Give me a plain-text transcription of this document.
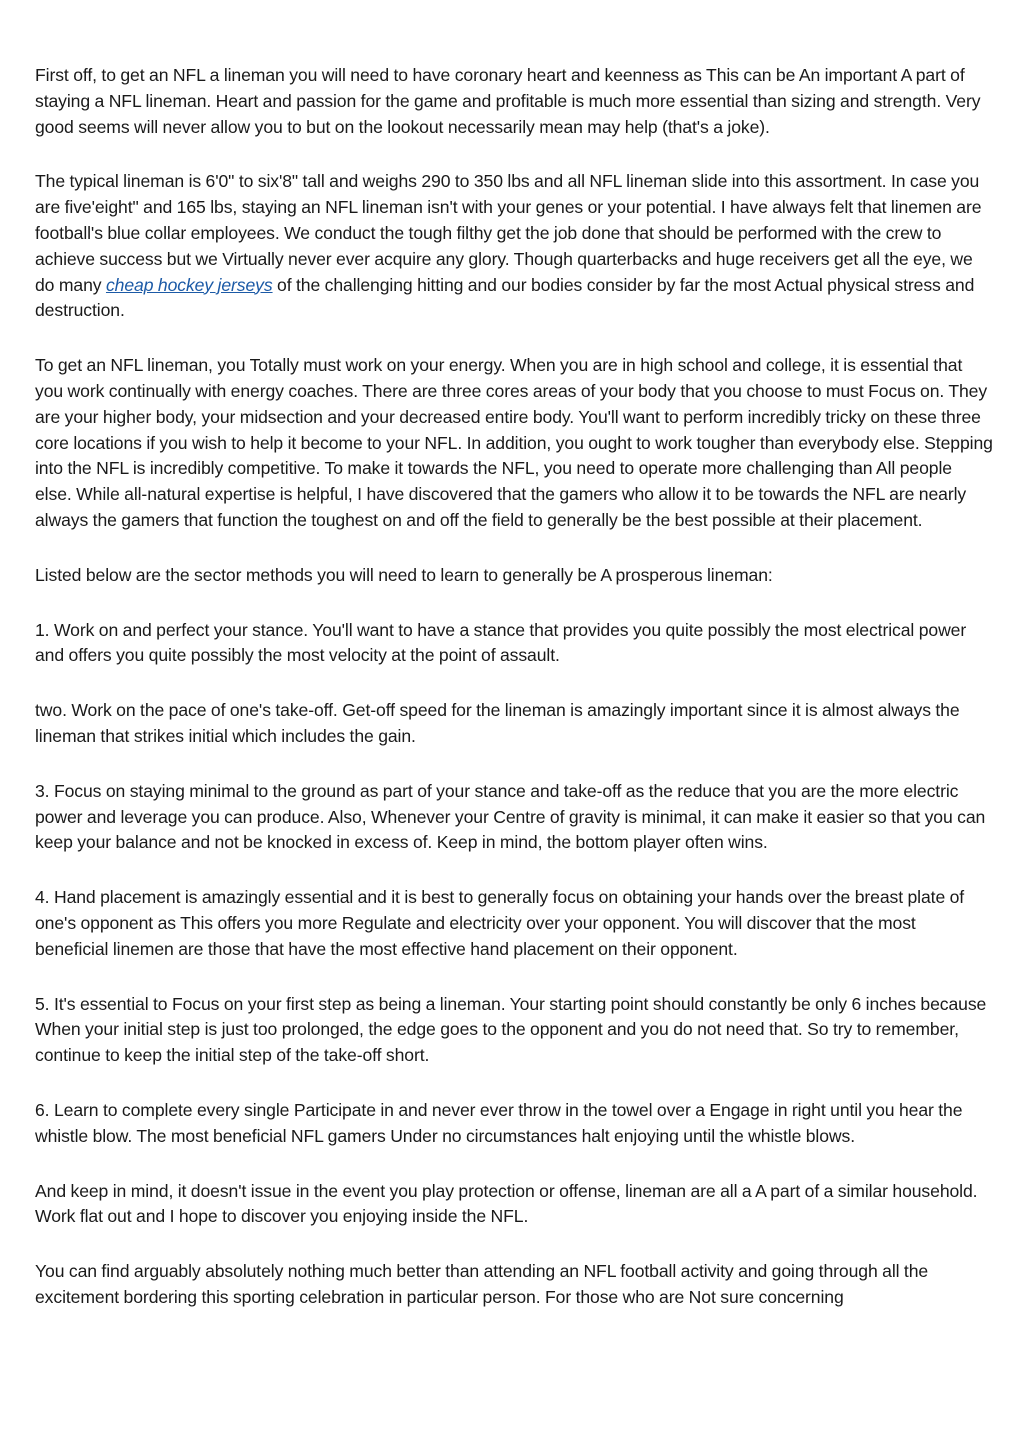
First off, to get an NFL a lineman you will need to have coronary heart and keenness as This can be An important A part of staying a NFL lineman. Heart and passion for the game and profitable is much more essential than sizing and strength. Very good seems will never allow you to but on the lookout necessarily mean may help (that's a joke).

The typical lineman is 6'0" to six'8" tall and weighs 290 to 350 lbs and all NFL lineman slide into this assortment. In case you are five'eight" and 165 lbs, staying an NFL lineman isn't with your genes or your potential. I have always felt that linemen are football's blue collar employees. We conduct the tough filthy get the job done that should be performed with the crew to achieve success but we Virtually never ever acquire any glory. Though quarterbacks and huge receivers get all the eye, we do many cheap hockey jerseys of the challenging hitting and our bodies consider by far the most Actual physical stress and destruction.

To get an NFL lineman, you Totally must work on your energy. When you are in high school and college, it is essential that you work continually with energy coaches. There are three cores areas of your body that you choose to must Focus on. They are your higher body, your midsection and your decreased entire body. You'll want to perform incredibly tricky on these three core locations if you wish to help it become to your NFL. In addition, you ought to work tougher than everybody else. Stepping into the NFL is incredibly competitive. To make it towards the NFL, you need to operate more challenging than All people else. While all-natural expertise is helpful, I have discovered that the gamers who allow it to be towards the NFL are nearly always the gamers that function the toughest on and off the field to generally be the best possible at their placement.

Listed below are the sector methods you will need to learn to generally be A prosperous lineman:

1. Work on and perfect your stance. You'll want to have a stance that provides you quite possibly the most electrical power and offers you quite possibly the most velocity at the point of assault.

two. Work on the pace of one's take-off. Get-off speed for the lineman is amazingly important since it is almost always the lineman that strikes initial which includes the gain.

3. Focus on staying minimal to the ground as part of your stance and take-off as the reduce that you are the more electric power and leverage you can produce. Also, Whenever your Centre of gravity is minimal, it can make it easier so that you can keep your balance and not be knocked in excess of. Keep in mind, the bottom player often wins.

4. Hand placement is amazingly essential and it is best to generally focus on obtaining your hands over the breast plate of one's opponent as This offers you more Regulate and electricity over your opponent. You will discover that the most beneficial linemen are those that have the most effective hand placement on their opponent.

5. It's essential to Focus on your first step as being a lineman. Your starting point should constantly be only 6 inches because When your initial step is just too prolonged, the edge goes to the opponent and you do not need that. So try to remember, continue to keep the initial step of the take-off short.

6. Learn to complete every single Participate in and never ever throw in the towel over a Engage in right until you hear the whistle blow. The most beneficial NFL gamers Under no circumstances halt enjoying until the whistle blows.

And keep in mind, it doesn't issue in the event you play protection or offense, lineman are all a A part of a similar household. Work flat out and I hope to discover you enjoying inside the NFL.

You can find arguably absolutely nothing much better than attending an NFL football activity and going through all the excitement bordering this sporting celebration in particular person. For those who are Not sure concerning
